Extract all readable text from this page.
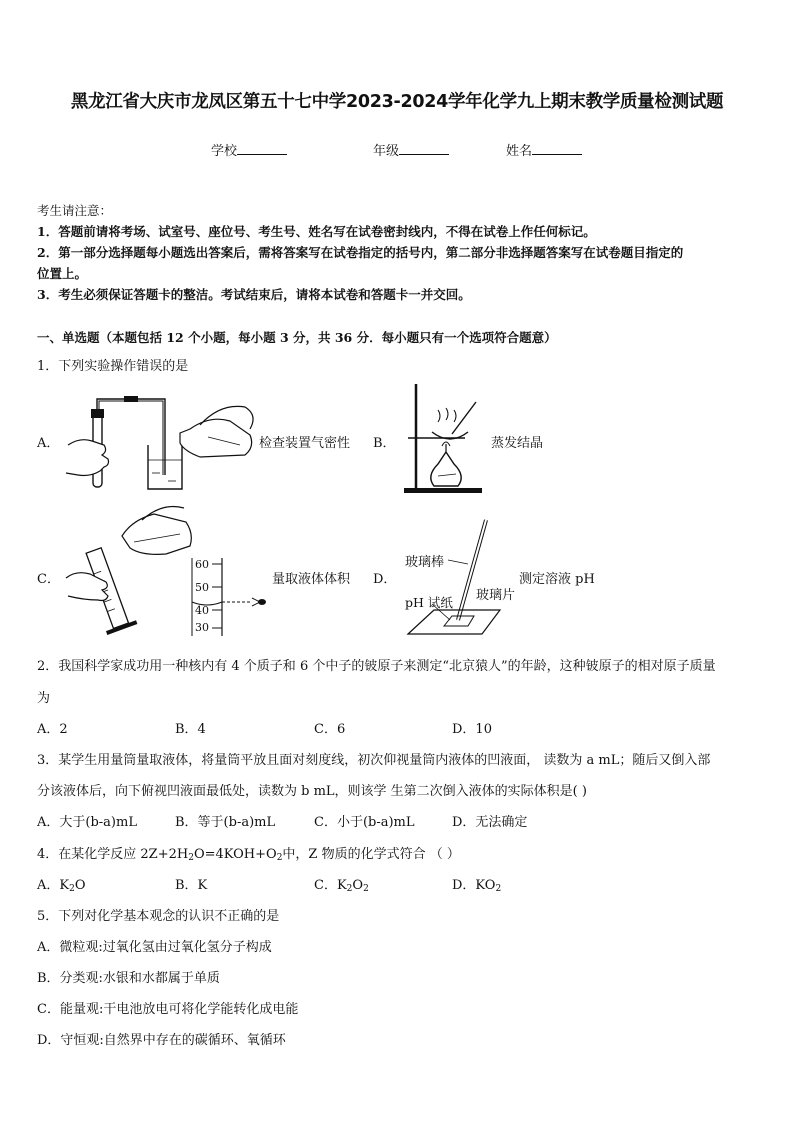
黑龙江省大庆市龙凤区第五十七中学2023-2024学年化学九上期末教学质量检测试题
学校	年级	姓名
考生请注意：
1．答题前请将考场、试室号、座位号、考生号、姓名写在试卷密封线内，不得在试卷上作任何标记。
2．第一部分选择题每小题选出答案后，需将答案写在试卷指定的括号内，第二部分非选择题答案写在试卷题目指定的
位置上。
3．考生必须保证答题卡的整洁。考试结束后，请将本试卷和答题卡一并交回。
一、单选题（本题包括 12 个小题，每小题 3 分，共 36 分．每小题只有一个选项符合题意）
1．下列实验操作错误的是
A．	检查装置气密性 B．	蒸发结晶
C．
60
50
40
30
量取液体体积 D．
玻璃棒
玻璃片
pH 试纸
测定溶液 pH
2．我国科学家成功用一种核内有 4 个质子和 6 个中子的铍原子来测定“北京猿人”的年龄，这种铍原子的相对原子质量
为
A．2	B．4	C．6	D．10
3．某学生用量筒量取液体，将量筒平放且面对刻度线，初次仰视量筒内液体的凹液面， 读数为 a mL；随后又倒入部
分该液体后，向下俯视凹液面最低处，读数为 b mL，则该学 生第二次倒入液体的实际体积是( )
A．大于(b-a)mL	B．等于(b-a)mL	C．小于(b-a)mL	D．无法确定
4．在某化学反应 $2Z+2H_2O=4KOH+O_2$中，Z 物质的化学式符合 （ ）
A．$K_2O$	B．K	C．$K_2O_2$	D．$KO_2$
5．下列对化学基本观念的认识不正确的是
A．微粒观:过氧化氢由过氧化氢分子构成
B．分类观:水银和水都属于单质
C．能量观:干电池放电可将化学能转化成电能
D．守恒观:自然界中存在的碳循环、氧循环
